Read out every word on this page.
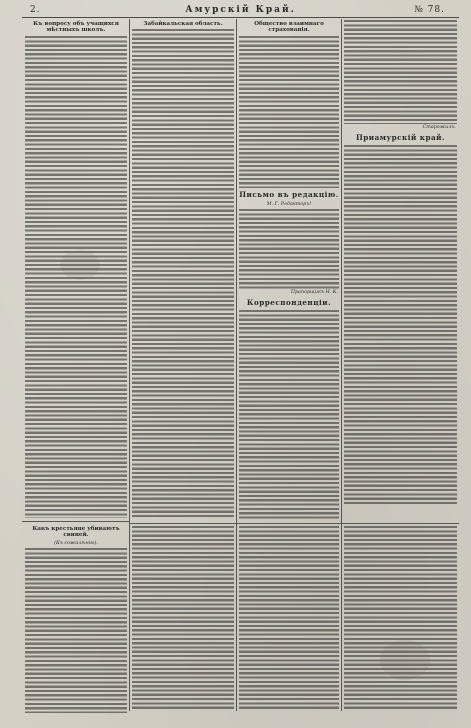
2.	Амурскій Край.	№ 78.
Къ вопросу объ учащихся мѣстныхъ школъ.
Забайкальская область.	Общество взаимнаго страхованія.
Письмо въ редакцію.
М. Г. Редакторъ!
Прапорщикъ Н. К.
Корреспонденціи.
Старожилъ.
Приамурскій край.
Какъ крестьяне убиваютъ свиней.
(Къ сожалѣнію).
